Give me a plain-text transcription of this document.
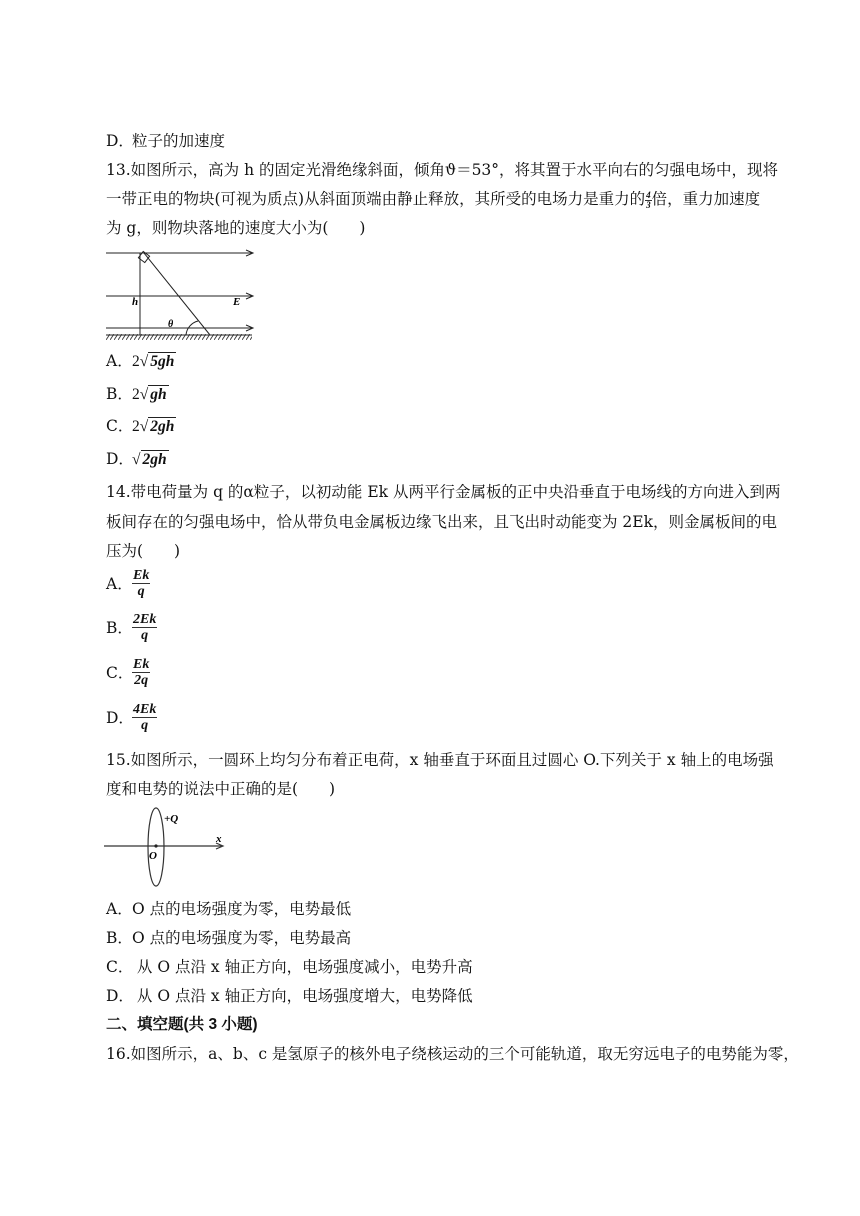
D．粒子的加速度
13.如图所示，高为 h 的固定光滑绝缘斜面，倾角ϑ＝53°，将其置于水平向右的匀强电场中，现将
一带正电的物块(可视为质点)从斜面顶端由静止释放，其所受的电场力是重力的 $\frac{4}{3}$ 倍，重力加速度
为 g，则物块落地的速度大小为(　　)
h	E
θ
A．2√ 5gh
B．2√ gh
C．2√ 2gh
D．√ 2gh
14.带电荷量为 q 的α粒子，以初动能 Ek 从两平行金属板的正中央沿垂直于电场线的方向进入到两
板间存在的匀强电场中，恰从带负电金属板边缘飞出来，且飞出时动能变为 2Ek，则金属板间的电
压为(　　)
A． $\frac{Ek}{q}$
B． $\frac{2Ek}{q}$
C．
$\frac{Ek}{2q}$
D．
$\frac{4Ek}{q}$
15.如图所示，一圆环上均匀分布着正电荷，x 轴垂直于环面且过圆心 O.下列关于 x 轴上的电场强
度和电势的说法中正确的是(　　)
+Q
x
O
A．O 点的电场强度为零，电势最低
B．O 点的电场强度为零，电势最高
C． 从 O 点沿 x 轴正方向，电场强度减小，电势升高
D． 从 O 点沿 x 轴正方向，电场强度增大，电势降低
二、填空题(共 3 小题)
16.如图所示，a、b、c 是氢原子的核外电子绕核运动的三个可能轨道，取无穷远电子的电势能为零，
